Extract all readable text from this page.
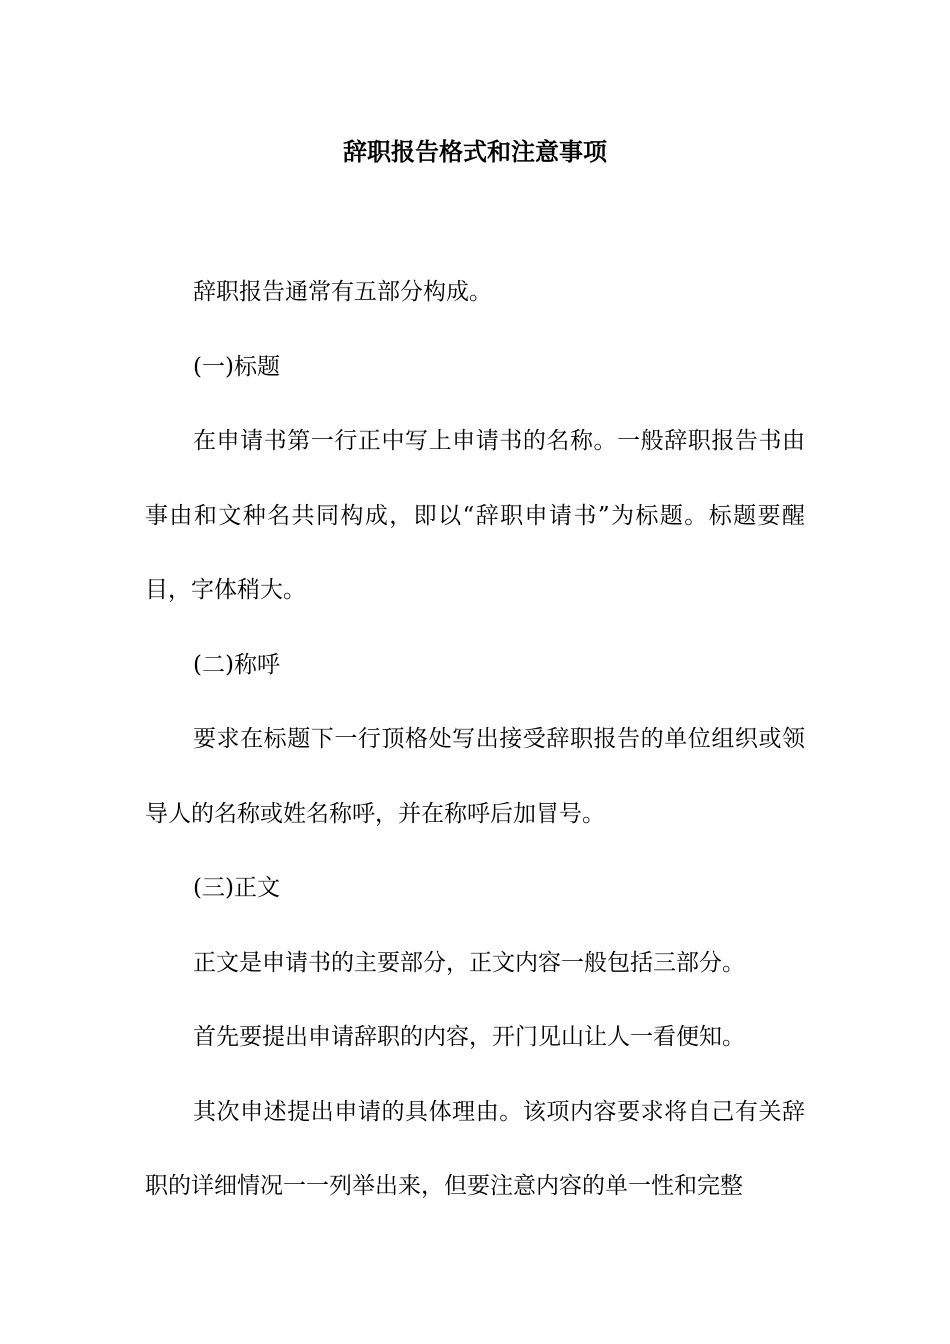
辞职报告格式和注意事项

辞职报告通常有五部分构成。

(一)标题

在申请书第一行正中写上申请书的名称。一般辞职报告书由事由和文种名共同构成，即以“辞职申请书”为标题。标题要醒目，字体稍大。

(二)称呼

要求在标题下一行顶格处写出接受辞职报告的单位组织或领导人的名称或姓名称呼，并在称呼后加冒号。

(三)正文

正文是申请书的主要部分，正文内容一般包括三部分。

首先要提出申请辞职的内容，开门见山让人一看便知。

其次申述提出申请的具体理由。该项内容要求将自己有关辞职的详细情况一一列举出来，但要注意内容的单一性和完整
